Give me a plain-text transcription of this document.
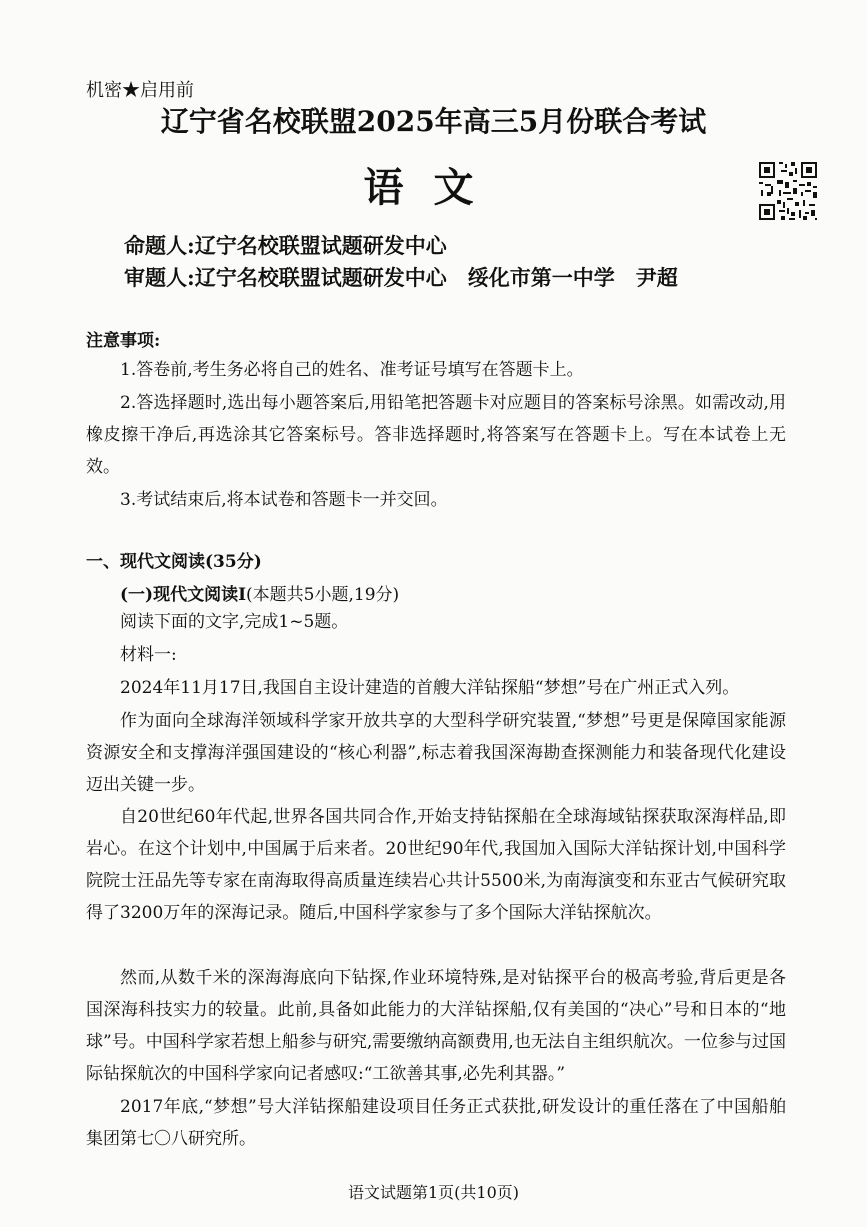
机密★启用前
辽宁省名校联盟2025年高三5月份联合考试
语文
命题人:辽宁名校联盟试题研发中心
审题人:辽宁名校联盟试题研发中心　绥化市第一中学　尹超
注意事项:
1.答卷前,考生务必将自己的姓名、准考证号填写在答题卡上。
2.答选择题时,选出每小题答案后,用铅笔把答题卡对应题目的答案标号涂黑。如需改动,用橡皮擦干净后,再选涂其它答案标号。答非选择题时,将答案写在答题卡上。写在本试卷上无效。
3.考试结束后,将本试卷和答题卡一并交回。
一、现代文阅读(35分)
(一)现代文阅读Ⅰ(本题共5小题,19分)
阅读下面的文字,完成1~5题。
材料一:
2024年11月17日,我国自主设计建造的首艘大洋钻探船“梦想”号在广州正式入列。
作为面向全球海洋领域科学家开放共享的大型科学研究装置,“梦想”号更是保障国家能源资源安全和支撑海洋强国建设的“核心利器”,标志着我国深海勘查探测能力和装备现代化建设迈出关键一步。
自20世纪60年代起,世界各国共同合作,开始支持钻探船在全球海域钻探获取深海样品,即岩心。在这个计划中,中国属于后来者。20世纪90年代,我国加入国际大洋钻探计划,中国科学院院士汪品先等专家在南海取得高质量连续岩心共计5500米,为南海演变和东亚古气候研究取得了3200万年的深海记录。随后,中国科学家参与了多个国际大洋钻探航次。
然而,从数千米的深海海底向下钻探,作业环境特殊,是对钻探平台的极高考验,背后更是各国深海科技实力的较量。此前,具备如此能力的大洋钻探船,仅有美国的“决心”号和日本的“地球”号。中国科学家若想上船参与研究,需要缴纳高额费用,也无法自主组织航次。一位参与过国际钻探航次的中国科学家向记者感叹:“工欲善其事,必先利其器。”
2017年底,“梦想”号大洋钻探船建设项目任务正式获批,研发设计的重任落在了中国船舶集团第七〇八研究所。
语文试题第1页(共10页)
